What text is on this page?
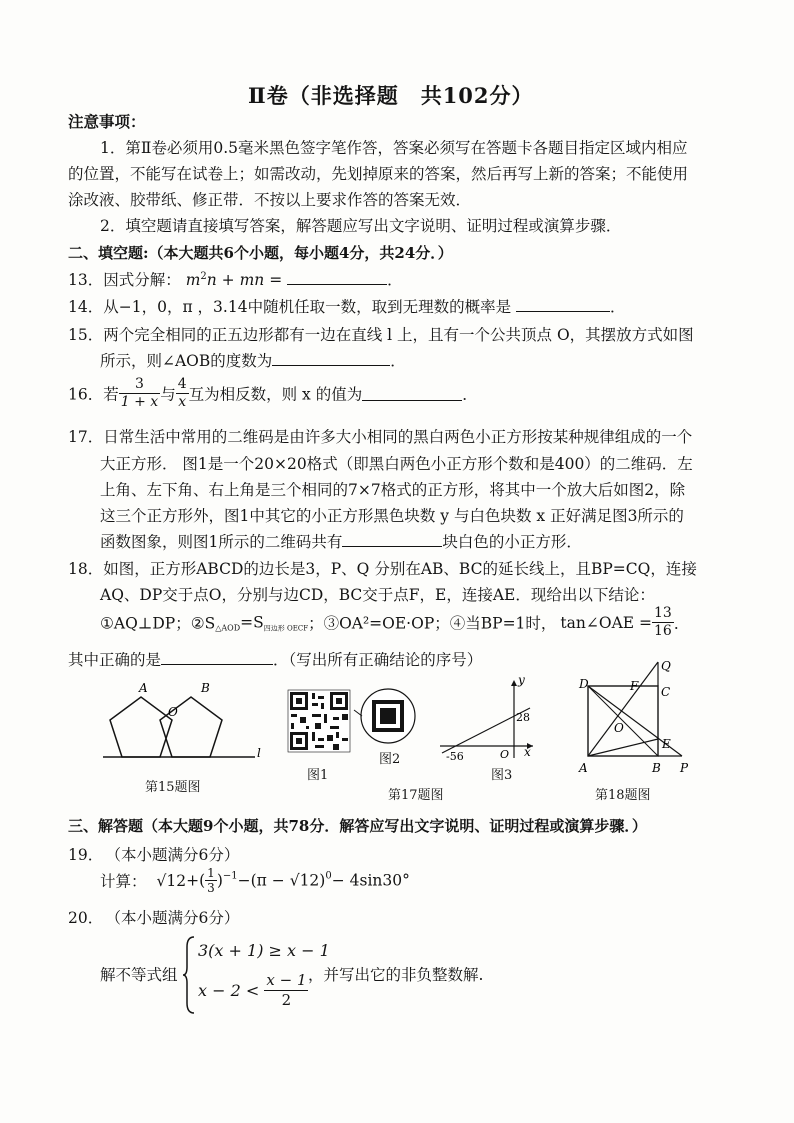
Ⅱ卷（非选择题　共102分）
注意事项：
1．第Ⅱ卷必须用0.5毫米黑色签字笔作答，答案必须写在答题卡各题目指定区域内相应
的位置，不能写在试卷上；如需改动，先划掉原来的答案，然后再写上新的答案；不能使用
涂改液、胶带纸、修正带．不按以上要求作答的答案无效．
2．填空题请直接填写答案，解答题应写出文字说明、证明过程或演算步骤．
二、填空题:（本大题共6个小题，每小题4分，共24分．）
13．因式分解： $m^2n$ + mn =	．
14．从−1，0，π ，3.14中随机任取一数，取到无理数的概率是	．
15．两个完全相同的正五边形都有一边在直线 l 上，且有一个公共顶点 O，其摆放方式如图
所示，则∠AOB的度数为	．
16．若 $\frac{3}{1 + x}$ 与 $\frac{4}{x}$ 互为相反数，则 x 的值为	．
17．日常生活中常用的二维码是由许多大小相同的黑白两色小正方形按某种规律组成的一个
大正方形． 图1是一个20×20格式（即黑白两色小正方形个数和是400）的二维码．左
上角、左下角、右上角是三个相同的7×7格式的正方形，将其中一个放大后如图2，除
这三个正方形外，图1中其它的小正方形黑色块数 y 与白色块数 x 正好满足图3所示的
函数图象，则图1所示的二维码共有	块白色的小正方形．
18．如图，正方形ABCD的边长是3，P、Q 分别在AB、BC的延长线上，且BP=CQ，连接
AQ、DP交于点O，分别与边CD，BC交于点F，E，连接AE．现给出以下结论：
①AQ⊥DP；$②S_{\triangle AOD}=S_{四边形 OECF}$；③OA²=OE·OP；④当BP=1时， tan∠OAE = $\frac{13}{16}$ ．
其中正确的是	．（写出所有正确结论的序号）
A	B
O
l
第15题图
图1
图2
y
x
O
28
-56
图3
第17题图
D	F C
Q
O
E
A	B P
第18题图
三、解答题（本大题9个小题，共78分．解答应写出文字说明、证明过程或演算步骤．）
19． （本小题满分6分）
计算： $√12+( \frac{1}{3} )^{-1}-(\pi - √12)^0- 4\sin 30^\circ$
20． （本小题满分6分）
解不等式组
3(x + 1) ≥ x − 1
$x - 2 < \frac{x - 1}{2}$ ，并写出它的非负整数解.
